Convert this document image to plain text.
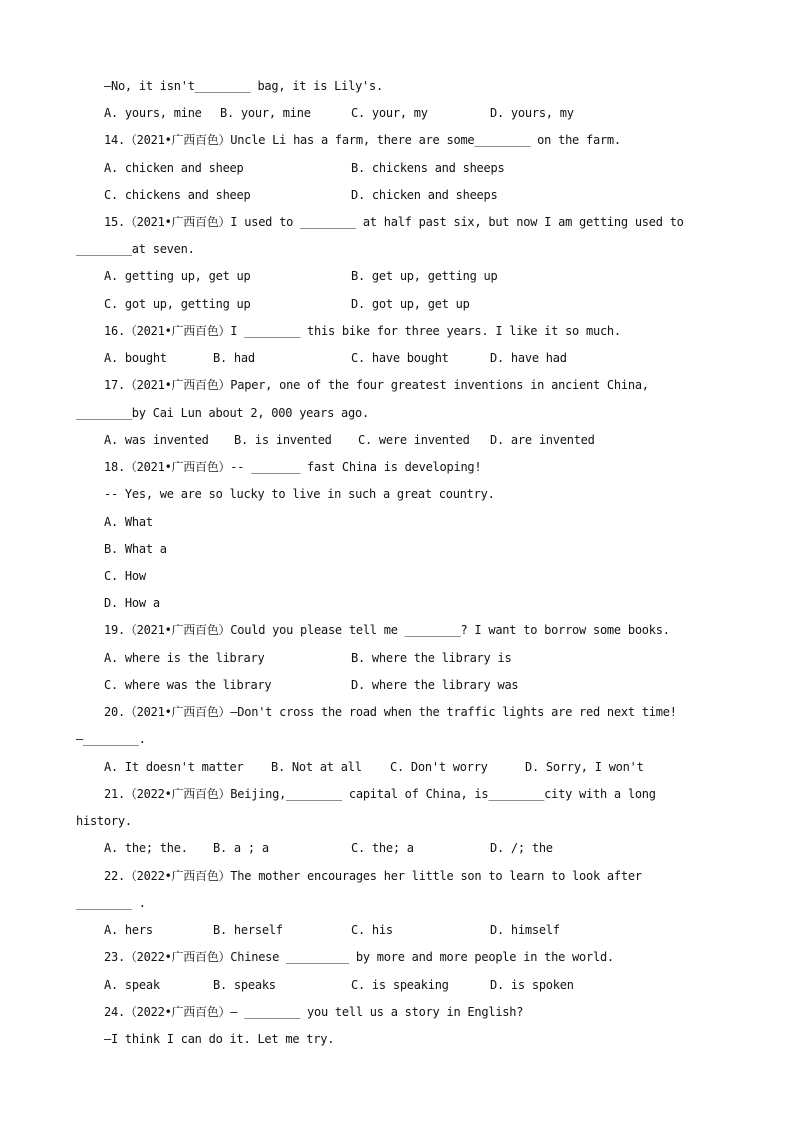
—No, it isn't________ bag, it is Lily's.
A. yours, mine B. your, mine	C. your, my	D. yours, my
14.（2021•广西百色）Uncle Li has a farm, there are some________ on the farm.
A. chicken and sheep	B. chickens and sheeps
C. chickens and sheep	D. chicken and sheeps
15.（2021•广西百色）I used to ________ at half past six, but now I am getting used to
________at seven.
A. getting up, get up	B. get up, getting up
C. got up, getting up	D. got up, get up
16.（2021•广西百色）I ________ this bike for three years. I like it so much.
A. bought	B. had	C. have bought	D. have had
17.（2021•广西百色）Paper, one of the four greatest inventions in ancient China,
________by Cai Lun about 2, 000 years ago.
A. was invented B. is invented C. were invented D. are invented
18.（2021•广西百色）-- _______ fast China is developing!
-- Yes, we are so lucky to live in such a great country.
A. What
B. What a
C. How
D. How a
19.（2021•广西百色）Could you please tell me ________? I want to borrow some books.
A. where is the library	B. where the library is
C. where was the library	D. where the library was
20.（2021•广西百色）—Don't cross the road when the traffic lights are red next time!
—________.
A. It doesn't matter B. Not at all C. Don't worry	D. Sorry, I won't
21.（2022•广西百色）Beijing,________ capital of China, is________city with a long
history.
A. the; the. B. a ; a	C. the; a	D. /; the
22.（2022•广西百色）The mother encourages her little son to learn to look after
________ .
A. hers	B. herself	C. his	D. himself
23.（2022•广西百色）Chinese _________ by more and more people in the world.
A. speak	B. speaks	C. is speaking	D. is spoken
24.（2022•广西百色）— ________ you tell us a story in English?
—I think I can do it. Let me try.
